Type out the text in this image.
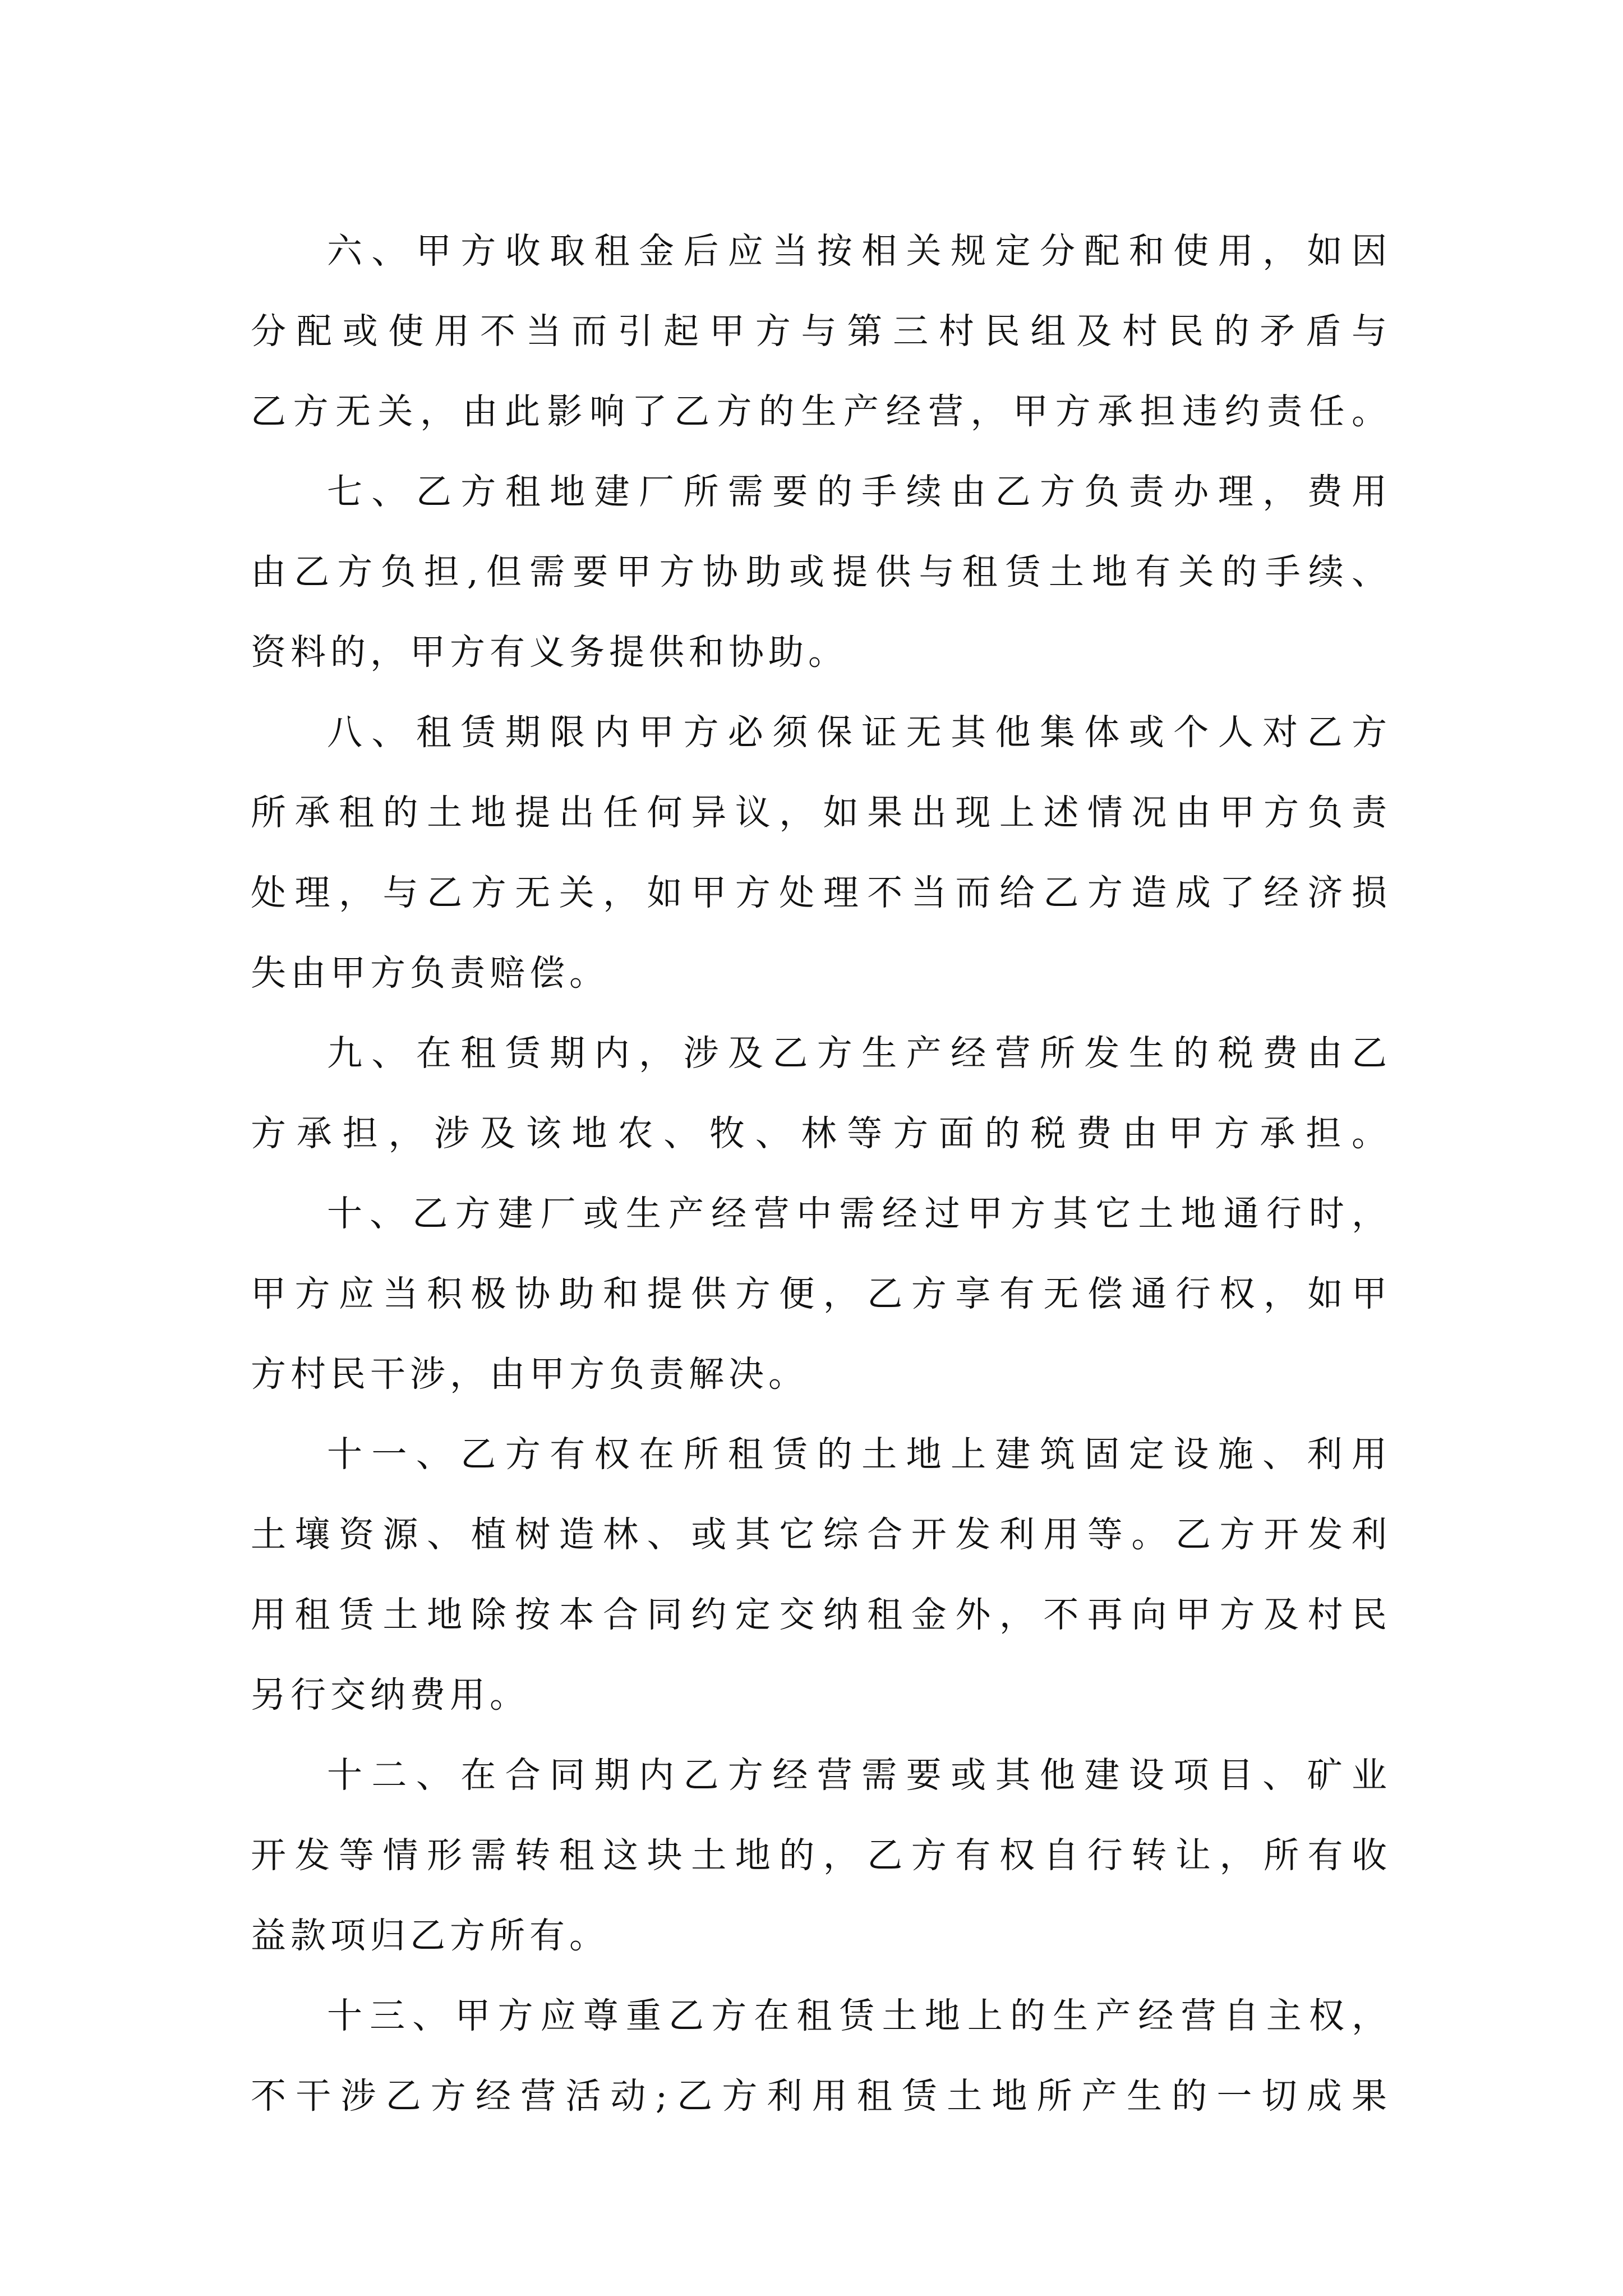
六、甲方收取租金后应当按相关规定分配和使用，如因
分配或使用不当而引起甲方与第三村民组及村民的矛盾与
乙方无关，由此影响了乙方的生产经营，甲方承担违约责任。
七、乙方租地建厂所需要的手续由乙方负责办理，费用
由乙方负担,但需要甲方协助或提供与租赁土地有关的手续、
资料的，甲方有义务提供和协助。
八、租赁期限内甲方必须保证无其他集体或个人对乙方
所承租的土地提出任何异议，如果出现上述情况由甲方负责
处理，与乙方无关，如甲方处理不当而给乙方造成了经济损
失由甲方负责赔偿。
九、在租赁期内，涉及乙方生产经营所发生的税费由乙
方承担，涉及该地农、牧、林等方面的税费由甲方承担。
十、乙方建厂或生产经营中需经过甲方其它土地通行时，
甲方应当积极协助和提供方便，乙方享有无偿通行权，如甲
方村民干涉，由甲方负责解决。
十一、乙方有权在所租赁的土地上建筑固定设施、利用
土壤资源、植树造林、或其它综合开发利用等。乙方开发利
用租赁土地除按本合同约定交纳租金外，不再向甲方及村民
另行交纳费用。
十二、在合同期内乙方经营需要或其他建设项目、矿业
开发等情形需转租这块土地的，乙方有权自行转让，所有收
益款项归乙方所有。
十三、甲方应尊重乙方在租赁土地上的生产经营自主权，
不干涉乙方经营活动;乙方利用租赁土地所产生的一切成果
